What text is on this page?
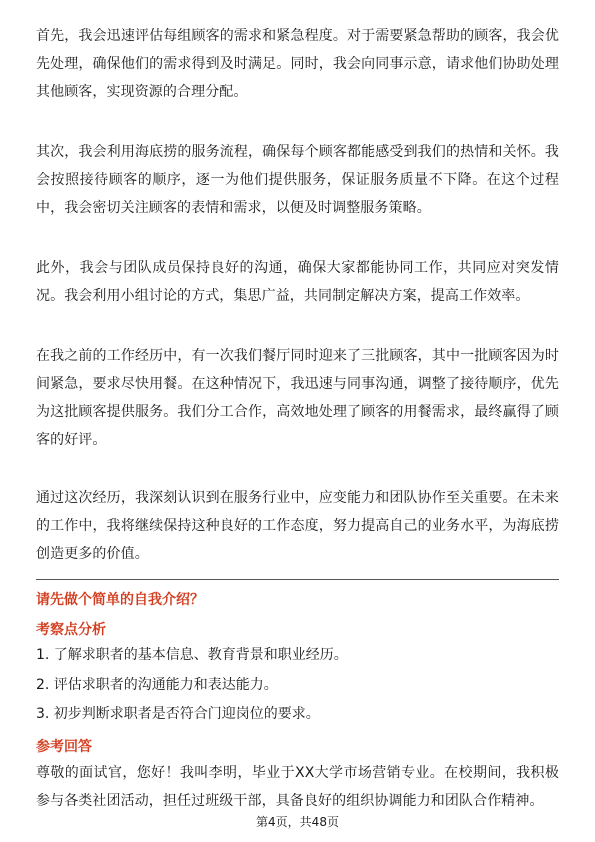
首先，我会迅速评估每组顾客的需求和紧急程度。对于需要紧急帮助的顾客，我会优先处理，确保他们的需求得到及时满足。同时，我会向同事示意，请求他们协助处理其他顾客，实现资源的合理分配。

其次，我会利用海底捞的服务流程，确保每个顾客都能感受到我们的热情和关怀。我会按照接待顾客的顺序，逐一为他们提供服务，保证服务质量不下降。在这个过程中，我会密切关注顾客的表情和需求，以便及时调整服务策略。

此外，我会与团队成员保持良好的沟通，确保大家都能协同工作，共同应对突发情况。我会利用小组讨论的方式，集思广益，共同制定解决方案，提高工作效率。

在我之前的工作经历中，有一次我们餐厅同时迎来了三批顾客，其中一批顾客因为时间紧急，要求尽快用餐。在这种情况下，我迅速与同事沟通，调整了接待顺序，优先为这批顾客提供服务。我们分工合作，高效地处理了顾客的用餐需求，最终赢得了顾客的好评。

通过这次经历，我深刻认识到在服务行业中，应变能力和团队协作至关重要。在未来的工作中，我将继续保持这种良好的工作态度，努力提高自己的业务水平，为海底捞创造更多的价值。

尊敬的面试官，您好！我叫李明，毕业于XX大学市场营销专业。在校期间，我积极参与各类社团活动，担任过班级干部，具备良好的组织协调能力和团队合作精神。

请先做个简单的自我介绍？
考察点分析
1. 了解求职者的基本信息、教育背景和职业经历。
2. 评估求职者的沟通能力和表达能力。
3. 初步判断求职者是否符合门迎岗位的要求。
参考回答
第4页，共48页
